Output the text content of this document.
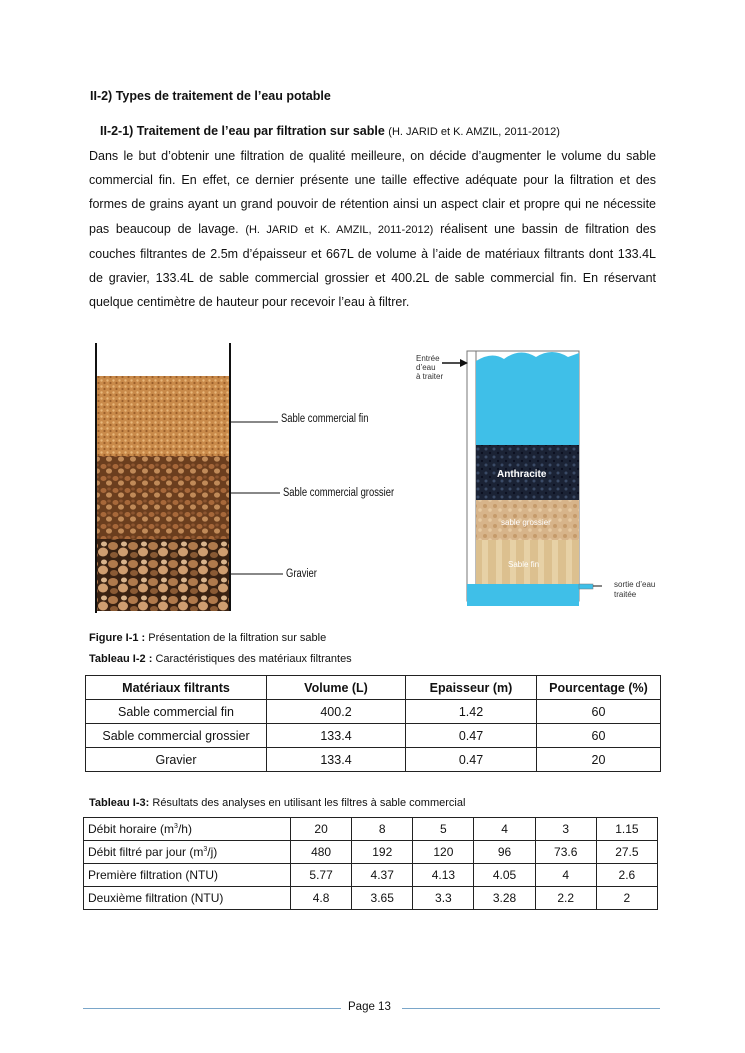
II-2) Types de traitement de l’eau potable
II-2-1) Traitement de l’eau par filtration sur sable (H. JARID et K. AMZIL, 2011-2012)
Dans le but d’obtenir une filtration de qualité meilleure, on décide d’augmenter le volume du sable commercial fin. En effet, ce dernier présente une taille effective adéquate pour la filtration et des formes de grains ayant un grand pouvoir de rétention ainsi un aspect clair et propre qui ne nécessite pas beaucoup de lavage. (H. JARID et K. AMZIL, 2011-2012) réalisent une bassin de filtration des couches filtrantes de 2.5m d’épaisseur et 667L de volume à l’aide de matériaux filtrants dont 133.4L de gravier, 133.4L de sable commercial grossier et 400.2L de sable commercial fin. En réservant quelque centimètre de hauteur pour recevoir l’eau à filtrer.
Sable commercial fin
Sable commercial grossier
Gravier
Entrée
d’eau
à traiter
Anthracite
sable grossier
Sable fin
sortie d’eau
traitée
Figure I-1 : Présentation de la filtration sur sable
Tableau I-2 : Caractéristiques des matériaux filtrantes
Matériaux filtrants	Volume (L)	Epaisseur (m)	Pourcentage (%)
Sable commercial fin	400.2	1.42	60
Sable commercial grossier	133.4	0.47	60
Gravier	133.4	0.47	20
Tableau I-3: Résultats des analyses en utilisant les filtres à sable commercial
Débit horaire $(m^3/h)$	20	8	5	4	3	1.15
Débit filtré par jour $(m^3/j)$	480	192	120	96	73.6	27.5
Première filtration (NTU)	5.77	4.37	4.13	4.05	4	2.6
Deuxième filtration (NTU)	4.8	3.65	3.3	3.28	2.2	2
Page 13
